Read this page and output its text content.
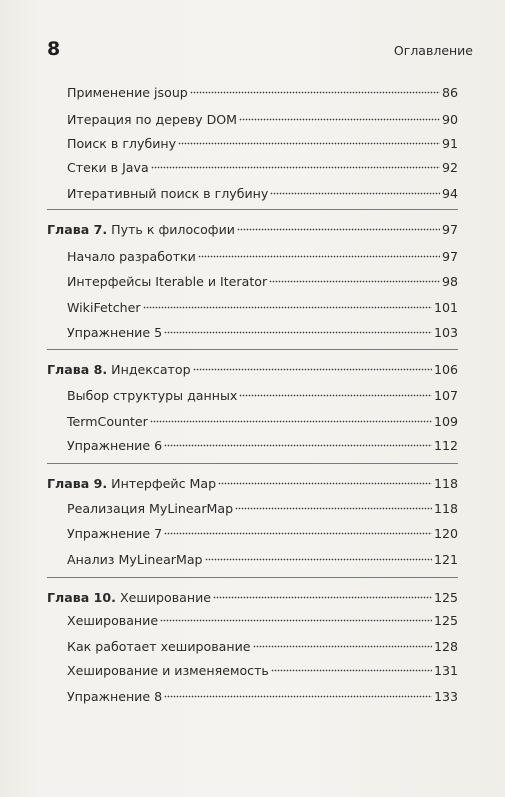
8	Оглавление
Применение jsoup	86
Итерация по дереву DOM	90
Поиск в глубину	91
Стеки в Java	92
Итеративный поиск в глубину	94
Глава 7. Путь к философии	97
Начало разработки	97
Интерфейсы Iterable и Iterator	98
WikiFetcher	101
Упражнение 5	103
Глава 8. Индексатор	106
Выбор структуры данных	107
TermCounter	109
Упражнение 6	112
Глава 9. Интерфейс Map	118
Реализация MyLinearMap	118
Упражнение 7	120
Анализ MyLinearMap	121
Глава 10. Хеширование	125
Хеширование	125
Как работает хеширование	128
Хеширование и изменяемость	131
Упражнение 8	133
